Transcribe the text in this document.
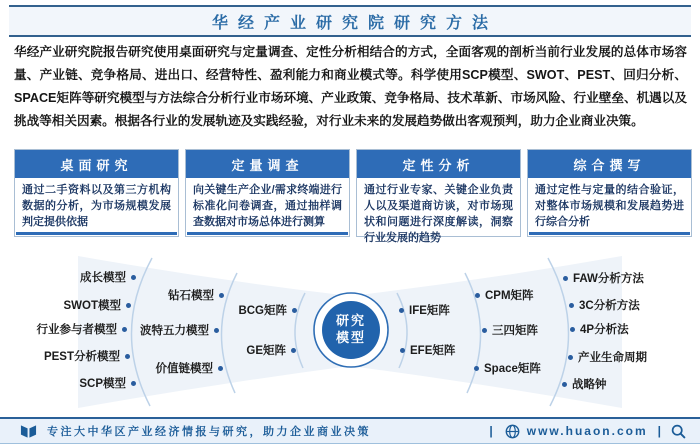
华经产业研究院研究方法
华经产业研究院报告研究使用桌面研究与定量调查、定性分析相结合的方式，全面客观的剖析当前行业发展的总体市场容量、产业链、竞争格局、进出口、经营特性、盈利能力和商业模式等。科学使用SCP模型、SWOT、PEST、回归分析、SPACE矩阵等研究模型与方法综合分析行业市场环境、产业政策、竞争格局、技术革新、市场风险、行业壁垒、机遇以及挑战等相关因素。根据各行业的发展轨迹及实践经验，对行业未来的发展趋势做出客观预判，助力企业商业决策。
桌面研究
通过二手资料以及第三方机构数据的分析，为市场规模发展判定提供依据
定量调查
向关键生产企业/需求终端进行标准化问卷调查，通过抽样调查数据对市场总体进行测算
定性分析
通过行业专家、关键企业负责人以及渠道商访谈，对市场现状和问题进行深度解读，洞察行业发展的趋势
综合撰写
通过定性与定量的结合验证，对整体市场规模和发展趋势进行综合分析
研究模型
成长模型
SWOT模型
行业参与者模型
PEST分析模型
SCP模型
钻石模型
波特五力模型
价值链模型
BCG矩阵
GE矩阵
IFE矩阵
EFE矩阵
CPM矩阵
三四矩阵
Space矩阵
FAW分析方法
3C分析方法
4P分析法
产业生命周期
战略钟
专注大中华区产业经济情报与研究，助力企业商业决策	|	www.huaon.com |
